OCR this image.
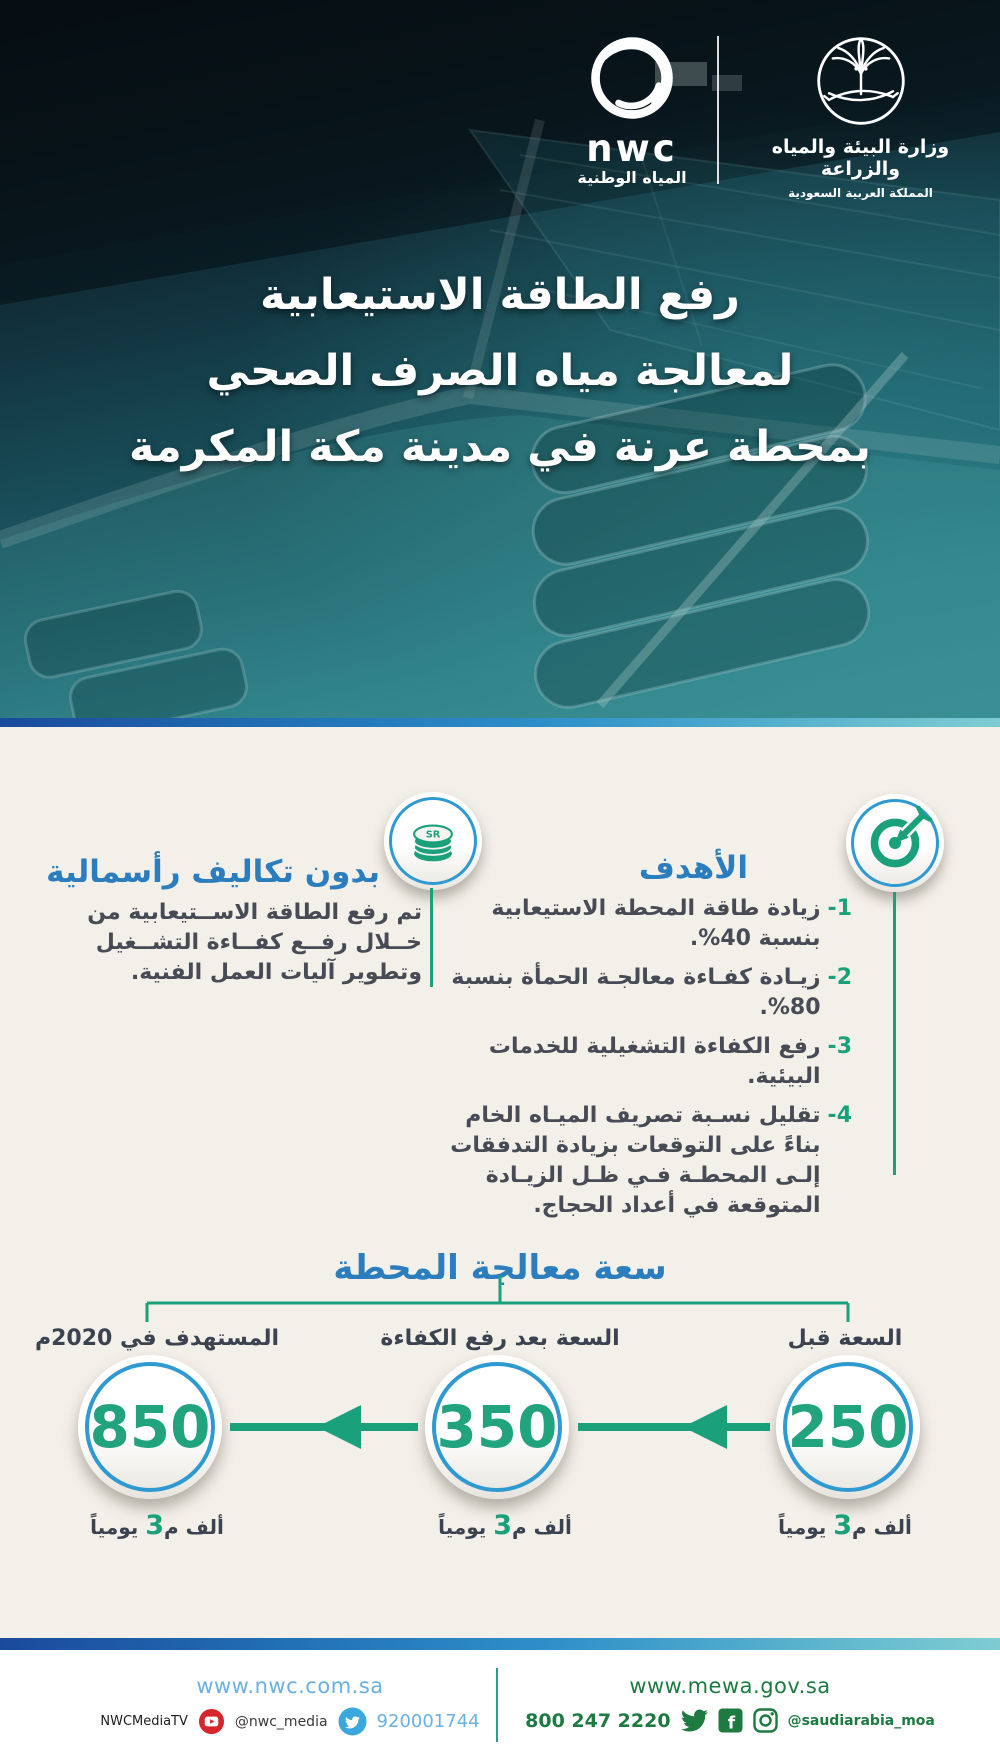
nwc
المياه الوطنية
وزارة البيئة والمياه والزراعة
المملكة العربية السعودية
رفع الطاقة الاستيعابية
لمعالجة مياه الصرف الصحي
بمحطة عرنة في مدينة مكة المكرمة
الأهدف
1-
زيادة طاقة المحطة الاستيعابية بنسبة 40%.
2-
زيـادة كفـاءة معالجـة الحمأة بنسبة 80%.
3-
رفع الكفاءة التشغيلية للخدمات البيئية.
4-
تقليل نسـبة تصريف الميـاه الخام بناءً على التوقعات بزيادة التدفقات إلـى المحطـة فـي ظـل الزيـادة المتوقعة في أعداد الحجاج.
SR
بدون تكاليف رأسمالية

تم رفع الطاقة الاســتيعابية من خــلال رفــع كفــاءة التشــغيل وتطوير آليات العمل الفنية.

سعة معالجة المحطة
السعة قبل
السعة بعد رفع الكفاءة
المستهدف في 2020م
250
350
850
ألف م3 يومياً
ألف م3 يومياً
ألف م3 يومياً
www.nwc.com.sa
NWCMediaTV	@nwc_media	920001744
www.mewa.gov.sa
800 247 2220	f	@saudiarabia_moa
